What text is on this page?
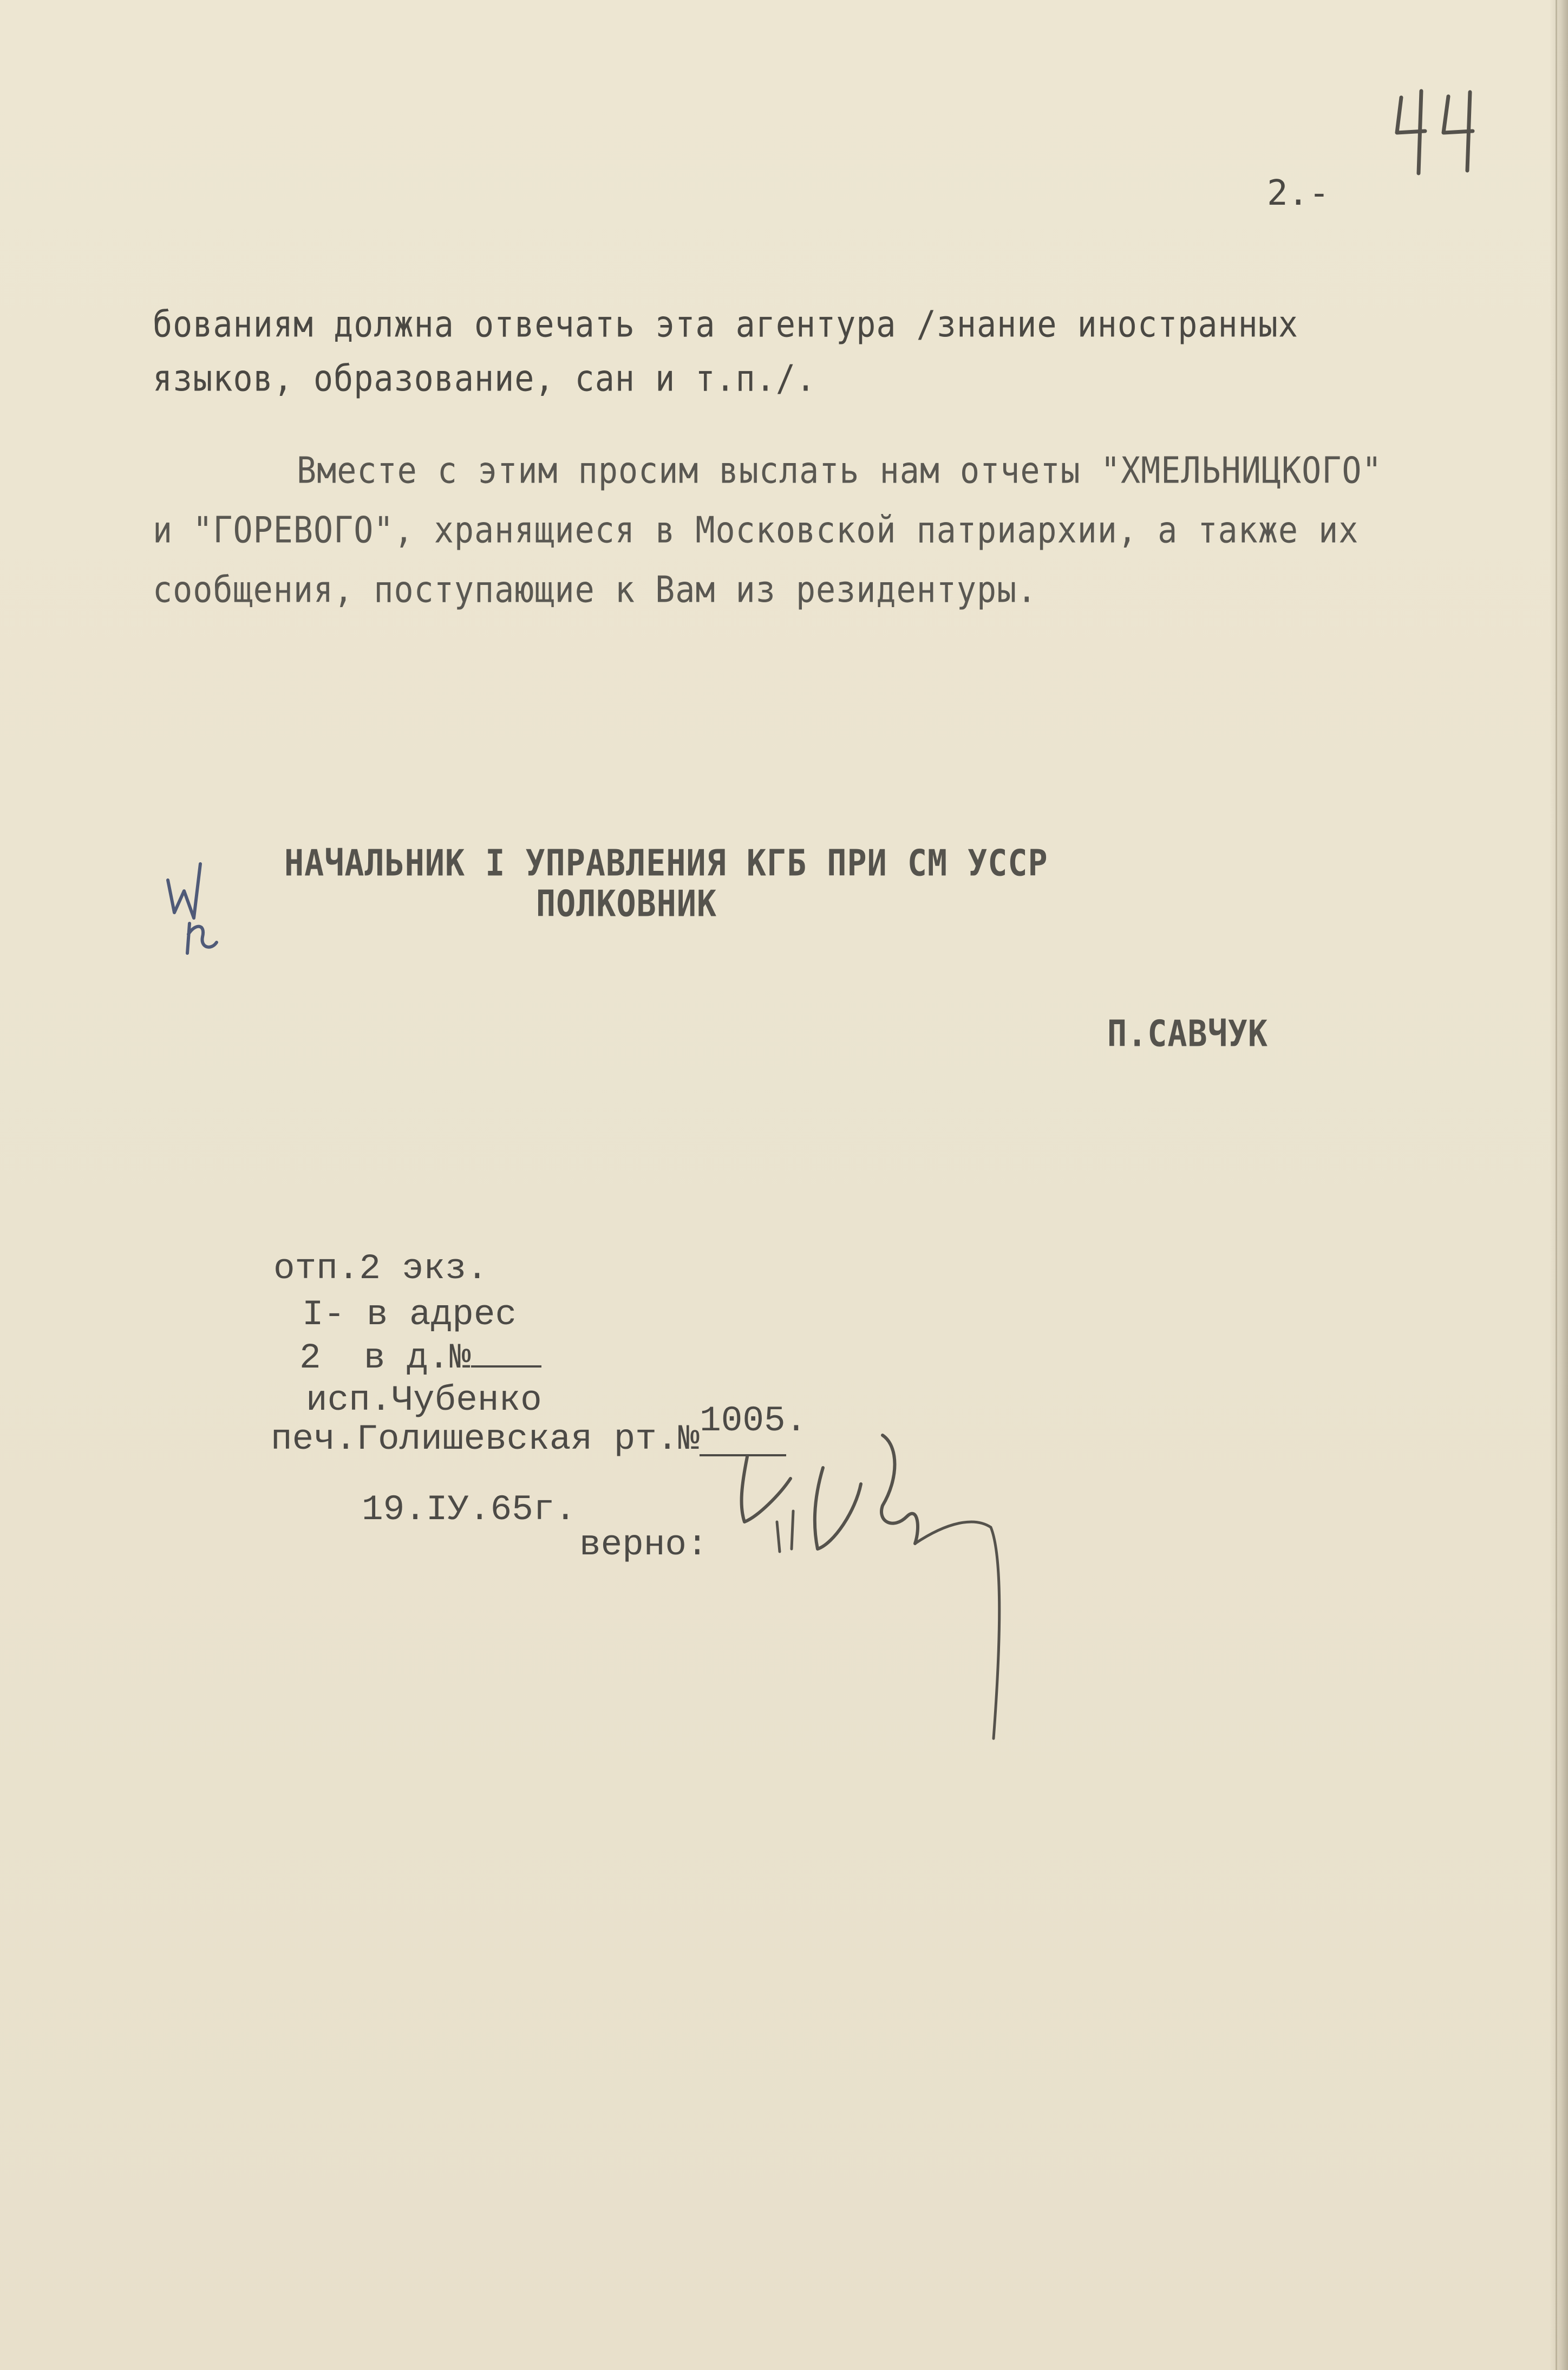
2.-
бованиям должна отвечать эта агентура /знание иностранных
языков, образование, сан и т.п./.
Вместе с этим просим выслать нам отчеты "ХМЕЛЬНИЦКОГО"
и "ГОРЕВОГО", хранящиеся в Московской патриархии, а также их
сообщения, поступающие к Вам из резидентуры.
НАЧАЛЬНИК I УПРАВЛЕНИЯ КГБ ПРИ СМ УССР
ПОЛКОВНИК
П.САВЧУК
отп.2 экз.
I- в адрес
2  в д.№
исп.Чубенко
печ.Голишевская рт.№1005.
19.IУ.65г.
верно:
